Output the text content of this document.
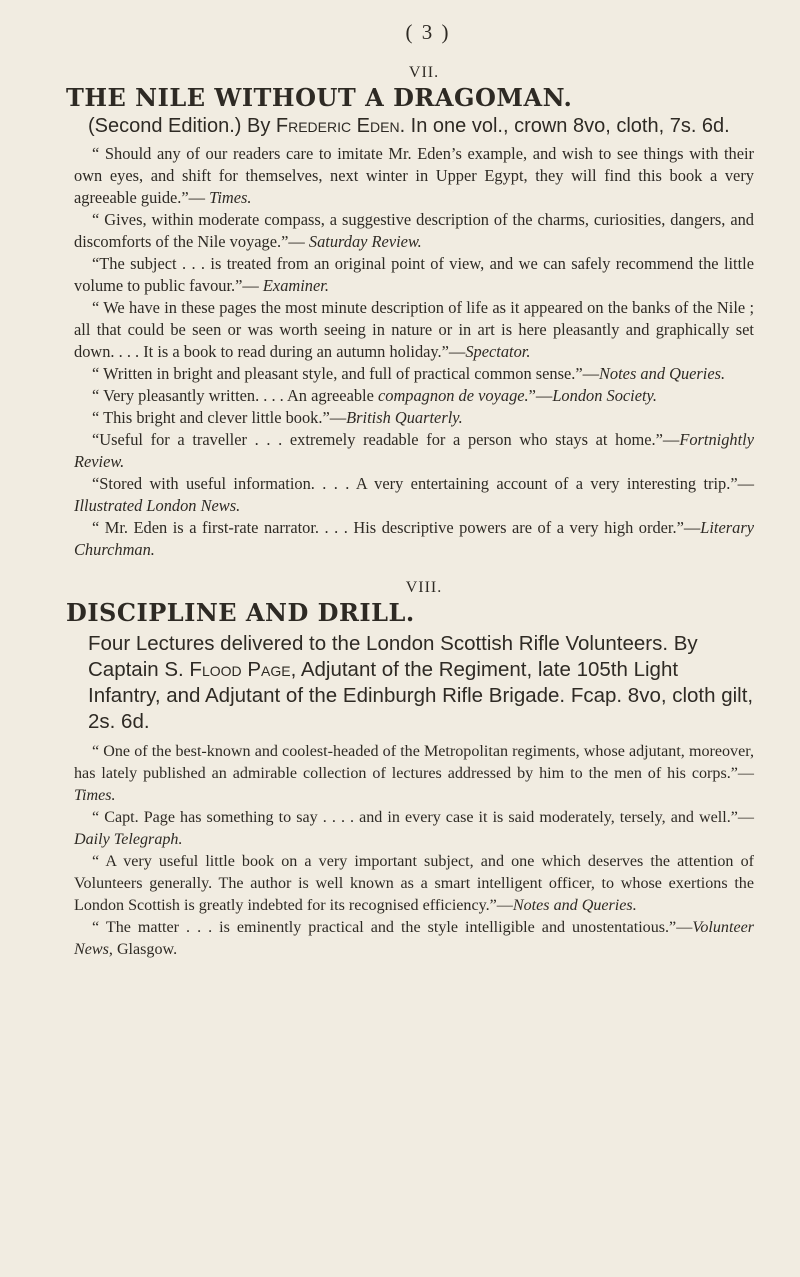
( 3 )
VII.
THE NILE WITHOUT A DRAGOMAN.
(Second Edition.) By Frederic Eden. In one vol., crown 8vo, cloth, 7s. 6d.

“ Should any of our readers care to imitate Mr. Eden’s example, and wish to see things with their own eyes, and shift for themselves, next winter in Upper Egypt, they will find this book a very agreeable guide.”— Times.

“ Gives, within moderate compass, a suggestive description of the charms, curiosities, dangers, and discomforts of the Nile voyage.”— Saturday Review.

“The subject . . . is treated from an original point of view, and we can safely recommend the little volume to public favour.”— Examiner.

“ We have in these pages the most minute description of life as it appeared on the banks of the Nile ; all that could be seen or was worth seeing in nature or in art is here pleasantly and graphically set down. . . . It is a book to read during an autumn holiday.”—Spectator.

“ Written in bright and pleasant style, and full of practical common sense.”—Notes and Queries.

“ Very pleasantly written. . . . An agreeable compagnon de voyage.”—London Society.

“ This bright and clever little book.”—British Quarterly.

“Useful for a traveller . . . extremely readable for a person who stays at home.”—Fortnightly Review.

“Stored with useful information. . . . A very entertaining account of a very interesting trip.”—Illustrated London News.

“ Mr. Eden is a first-rate narrator. . . . His descriptive powers are of a very high order.”—Literary Churchman.

VIII.
DISCIPLINE AND DRILL.
Four Lectures delivered to the London Scottish Rifle Volunteers. By Captain S. Flood Page, Adjutant of the Regiment, late 105th Light Infantry, and Adjutant of the Edinburgh Rifle Brigade. Fcap. 8vo, cloth gilt, 2s. 6d.

“ One of the best-known and coolest-headed of the Metropolitan regiments, whose adjutant, moreover, has lately published an admirable collection of lectures addressed by him to the men of his corps.”—Times.

“ Capt. Page has something to say . . . . and in every case it is said moderately, tersely, and well.”—Daily Telegraph.

“ A very useful little book on a very important subject, and one which deserves the attention of Volunteers generally. The author is well known as a smart intelligent officer, to whose exertions the London Scottish is greatly indebted for its recognised efficiency.”—Notes and Queries.

“ The matter . . . is eminently practical and the style intelligible and unostentatious.”—Volunteer News, Glasgow.
